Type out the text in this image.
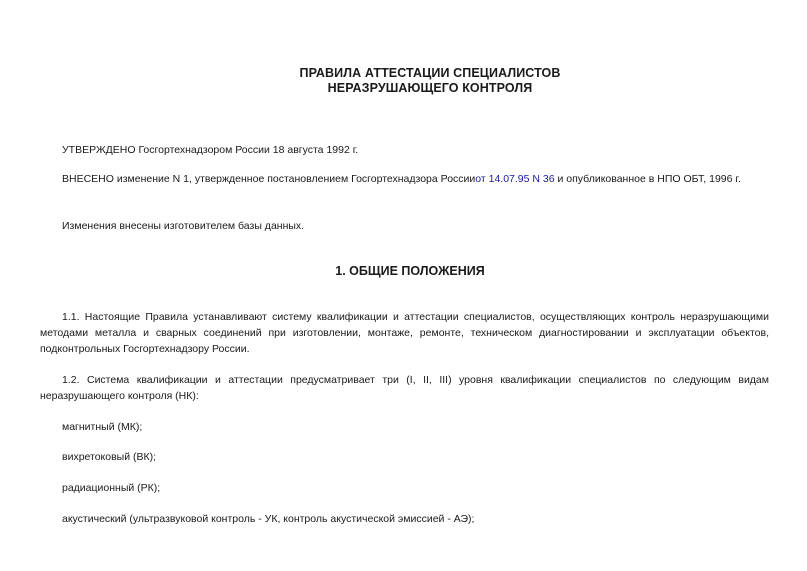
ПРАВИЛА АТТЕСТАЦИИ СПЕЦИАЛИСТОВ
НЕРАЗРУШАЮЩЕГО КОНТРОЛЯ
УТВЕРЖДЕНО Госгортехнадзором России 18 августа 1992 г.
ВНЕСЕНО изменение N 1, утвержденное постановлением Госгортехнадзора Россииот 14.07.95 N 36 и опубликованное в НПО ОБТ, 1996 г.
Изменения внесены изготовителем базы данных.
1. ОБЩИЕ ПОЛОЖЕНИЯ
1.1. Настоящие Правила устанавливают систему квалификации и аттестации специалистов, осуществляющих контроль неразрушающими методами металла и сварных соединений при изготовлении, монтаже, ремонте, техническом диагностировании и эксплуатации объектов, подконтрольных Госгортехнадзору России.
1.2. Система квалификации и аттестации предусматривает три (I, II, III) уровня квалификации специалистов по следующим видам неразрушающего контроля (НК):
магнитный (МК);
вихретоковый (ВК);
радиационный (РК);
акустический (ультразвуковой контроль - УК, контроль акустической эмиссией - АЭ);
